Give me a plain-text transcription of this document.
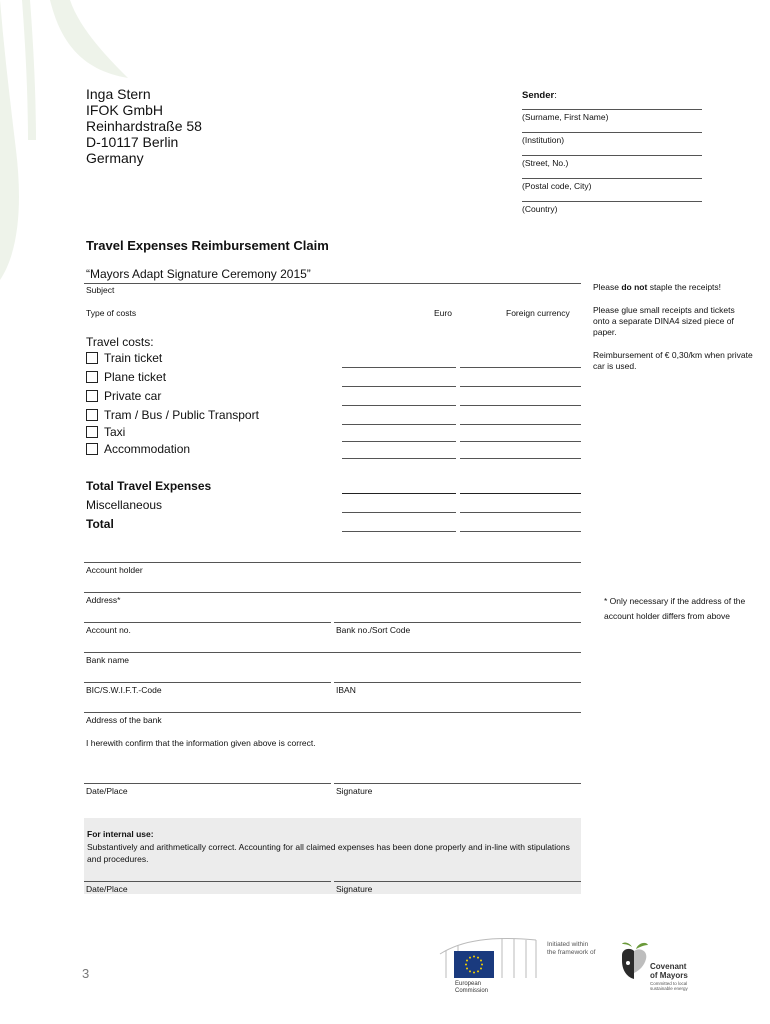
Inga Stern
IFOK GmbH
Reinhardstraße 58
D-10117 Berlin
Germany
Sender:
(Surname, First Name)
(Institution)
(Street, No.)
(Postal code, City)
(Country)
Travel Expenses Reimbursement Claim
“Mayors Adapt Signature Ceremony 2015”
Subject
Type of costs	Euro	Foreign currency
Please do not staple the receipts!
Please glue small receipts and tickets onto a separate DINA4 sized piece of paper.
Reimbursement of € 0,30/km when private car is used.
* Only necessary if the address of the account holder differs from above
Travel costs:
Train ticket
Plane ticket
Private car
Tram / Bus / Public Transport
Taxi
Accommodation
Total Travel Expenses
Miscellaneous
Total
Account holder
Address*
Account no.	Bank no./Sort Code
Bank name
BIC/S.W.I.F.T.-Code	IBAN
Address of the bank
I herewith confirm that the information given above is correct.
Date/Place	Signature
For internal use:
Substantively and arithmetically correct. Accounting for all claimed expenses has been done properly and in-line with stipulations and procedures.
Date/Place	Signature
3
European
Commission
Initiated within
the framework of
Covenant
of Mayors
Committed to local
sustainable energy
